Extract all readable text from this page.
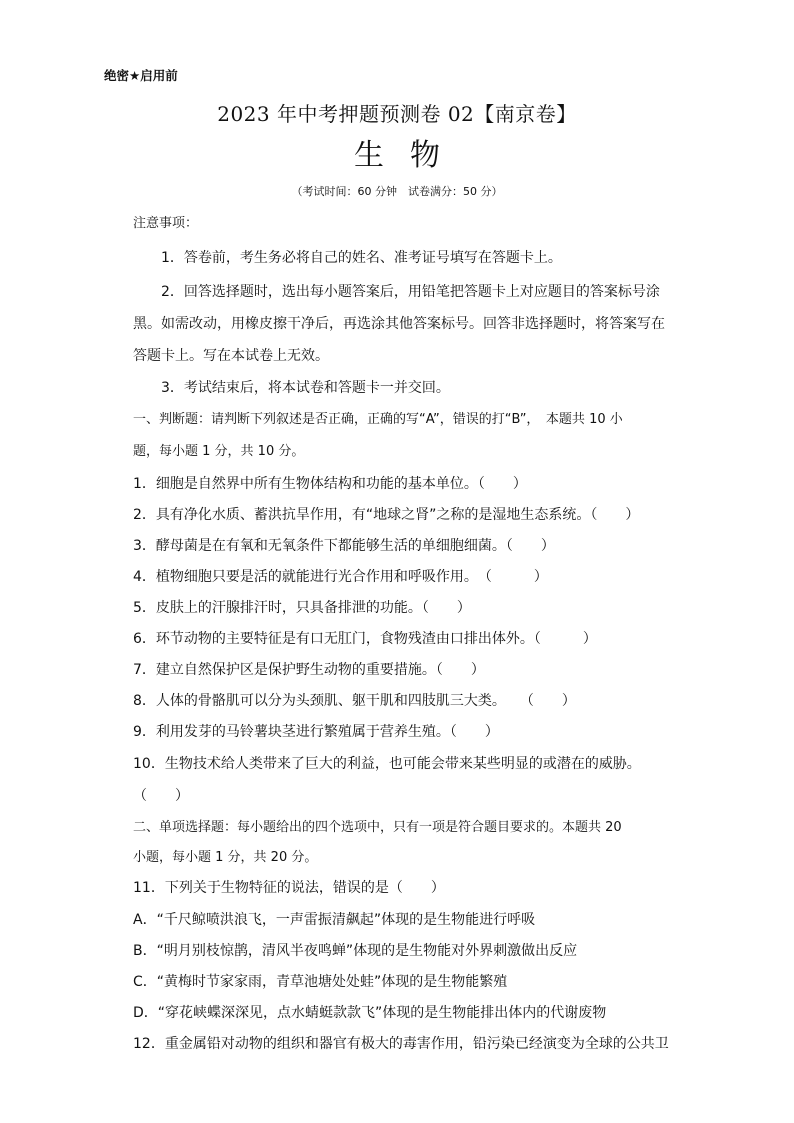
绝密★启用前
2023 年中考押题预测卷 02【南京卷】
生物
（考试时间：60 分钟　试卷满分：50 分）
注意事项：
1．答卷前，考生务必将自己的姓名、准考证号填写在答题卡上。
2．回答选择题时，选出每小题答案后，用铅笔把答题卡上对应题目的答案标号涂
黑。如需改动，用橡皮擦干净后，再选涂其他答案标号。回答非选择题时，将答案写在
答题卡上。写在本试卷上无效。
3．考试结束后，将本试卷和答题卡一并交回。
一、判断题：请判断下列叙述是否正确，正确的写“A”，错误的打“B”，　本题共 10 小
题，每小题 1 分，共 10 分。
1．细胞是自然界中所有生物体结构和功能的基本单位。（　　）
2．具有净化水质、蓄洪抗旱作用，有“地球之肾”之称的是湿地生态系统。（　　）
3．酵母菌是在有氧和无氧条件下都能够生活的单细胞细菌。（　　）
4．植物细胞只要是活的就能进行光合作用和呼吸作用。　（　　　）
5．皮肤上的汗腺排汗时，只具备排泄的功能。（　　）
6．环节动物的主要特征是有口无肛门，食物残渣由口排出体外。（　　　）
7．建立自然保护区是保护野生动物的重要措施。（　　）
8．人体的骨骼肌可以分为头颈肌、躯干肌和四肢肌三大类。　　（　　）
9．利用发芽的马铃薯块茎进行繁殖属于营养生殖。（　　）
10．生物技术给人类带来了巨大的利益，也可能会带来某些明显的或潜在的威胁。
（　　）
二、单项选择题：每小题给出的四个选项中，只有一项是符合题目要求的。本题共 20
小题，每小题 1 分，共 20 分。
11．下列关于生物特征的说法，错误的是（　　）
A．“千尺鲸喷洪浪飞，一声雷振清飙起”体现的是生物能进行呼吸
B．“明月别枝惊鹊，清风半夜鸣蝉”体现的是生物能对外界刺激做出反应
C．“黄梅时节家家雨，青草池塘处处蛙”体现的是生物能繁殖
D．“穿花峡蝶深深见，点水蜻蜓款款飞”体现的是生物能排出体内的代谢废物
12．重金属铅对动物的组织和器官有极大的毒害作用，铅污染已经演变为全球的公共卫
